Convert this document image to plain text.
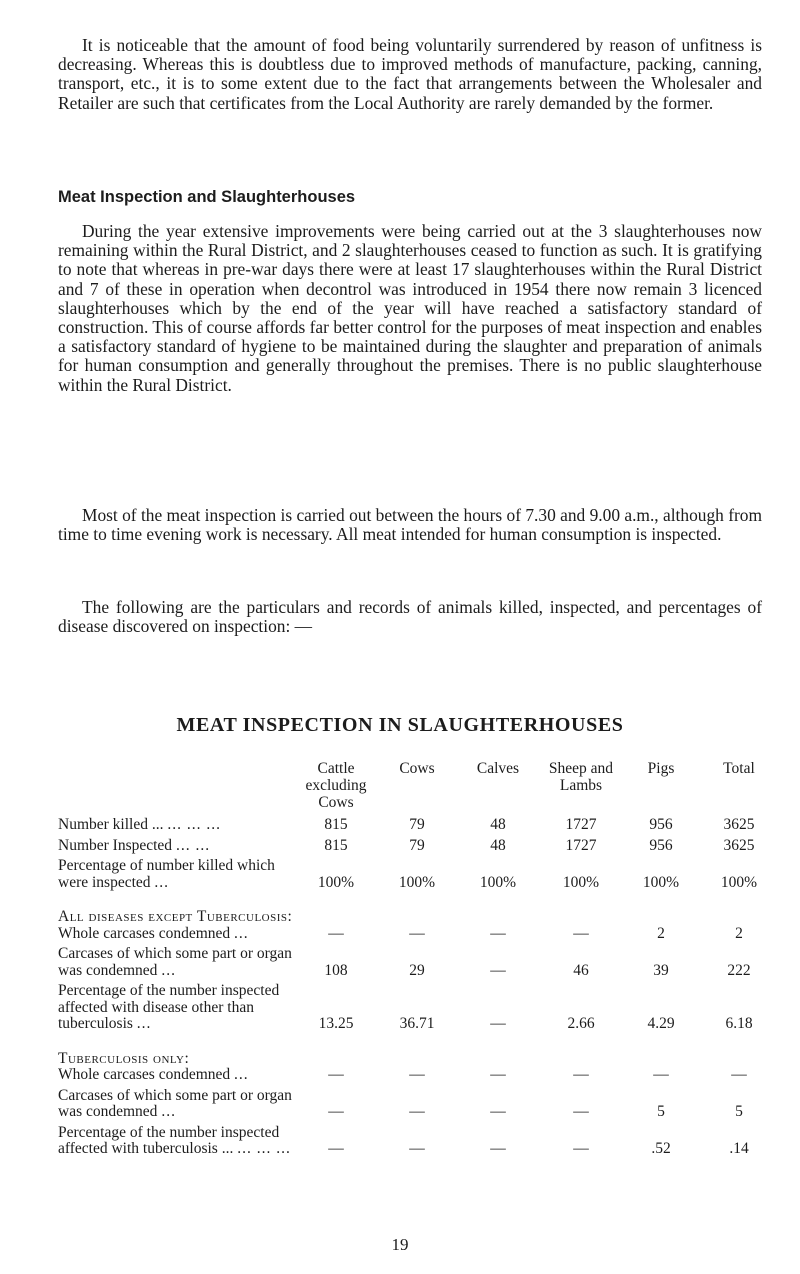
It is noticeable that the amount of food being voluntarily surrendered by reason of unfitness is decreasing. Whereas this is doubtless due to improved methods of manufacture, packing, canning, transport, etc., it is to some extent due to the fact that arrangements between the Wholesaler and Retailer are such that certificates from the Local Authority are rarely demanded by the former.

Meat Inspection and Slaughterhouses

During the year extensive improvements were being carried out at the 3 slaughterhouses now remaining within the Rural District, and 2 slaughterhouses ceased to function as such. It is gratifying to note that whereas in pre-war days there were at least 17 slaughterhouses within the Rural District and 7 of these in operation when decontrol was introduced in 1954 there now remain 3 licenced slaughterhouses which by the end of the year will have reached a satisfactory standard of construction. This of course affords far better control for the purposes of meat inspection and enables a satisfactory standard of hygiene to be maintained during the slaughter and preparation of animals for human consumption and generally throughout the premises. There is no public slaughterhouse within the Rural District.

Most of the meat inspection is carried out between the hours of 7.30 and 9.00 a.m., although from time to time evening work is necessary. All meat intended for human consumption is inspected.

The following are the particulars and records of animals killed, inspected, and percentages of disease discovered on inspection: —

MEAT INSPECTION IN SLAUGHTERHOUSES

	Cattle excluding Cows	Cows	Calves	Sheep and Lambs	Pigs	Total
Number killed ... ... ... ...	815	79	48	1727	956	3625
Number Inspected ... ...	815	79	48	1727	956	3625
Percentage of number killed which were inspected ...	100%	100%	100%	100%	100%	100%
All diseases except Tuberculosis:						
Whole carcases condemned ...	—	—	—	—	2	2
Carcases of which some part or organ was condemned ...	108	29	—	46	39	222
Percentage of the number inspected affected with disease other than tuberculosis ...	13.25	36.71	—	2.66	4.29	6.18
Tuberculosis only:						
Whole carcases condemned ...	—	—	—	—	—	—
Carcases of which some part or organ was condemned ...	—	—	—	—	5	5
Percentage of the number inspected affected with tuberculosis ... ... ... ...	—	—	—	—	.52	.14

19
